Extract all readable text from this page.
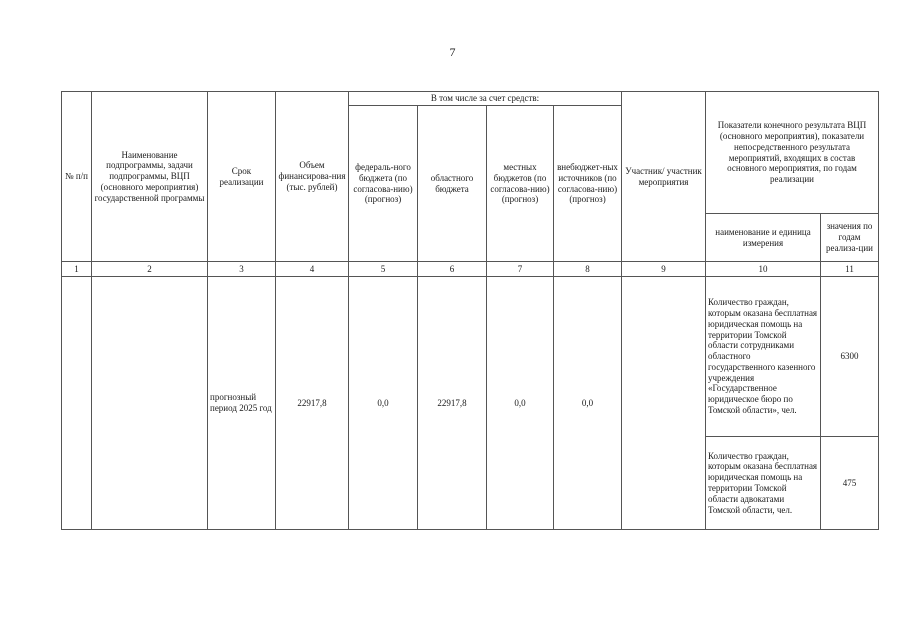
7
№ п/п	Наименование подпрограммы, задачи подпрограммы, ВЦП (основного мероприятия) государственной программы	Срок реализации	Объем финансирова-ния (тыс. рублей)	В том числе за счет средств:				Участник/ участник мероприятия	Показатели конечного результата ВЦП (основного мероприятия), показатели непосредственного результата мероприятий, входящих в состав основного мероприятия, по годам реализации	
				федераль-ного бюджета (по согласова-нию) (прогноз)	областного бюджета	местных бюджетов (по согласова-нию) (прогноз)	внебюджет-ных источников (по согласова-нию) (прогноз)			
									наименование и единица измерения	значения по годам реализа-ции
1	2	3	4	5	6	7	8	9	10	11
		прогнозный период 2025 год	22917,8	0,0	22917,8	0,0	0,0		Количество граждан, которым оказана бесплатная юридическая помощь на территории Томской области сотрудниками областного государственного казенного учреждения «Государственное юридическое бюро по Томской области», чел.	6300
									Количество граждан, которым оказана бесплатная юридическая помощь на территории Томской области адвокатами Томской области, чел.	475
